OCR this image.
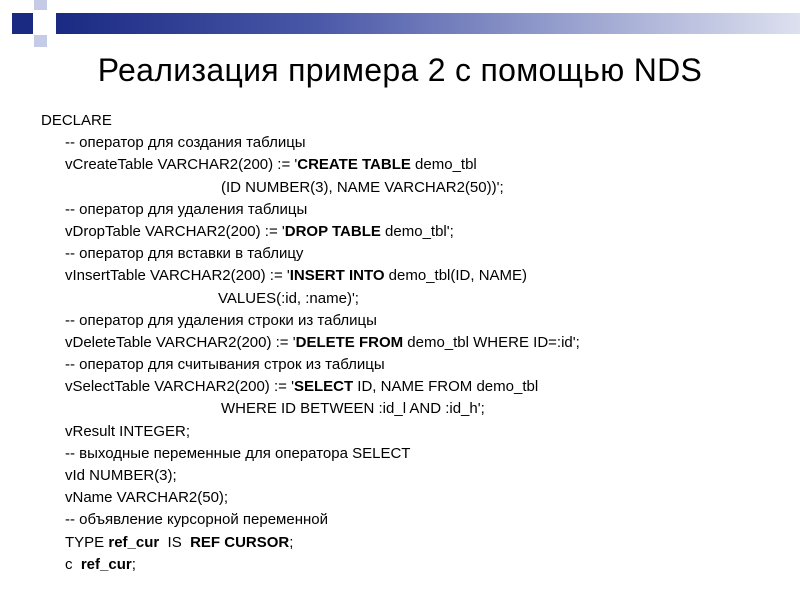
Реализация примера 2 с помощью NDS
DECLARE
-- оператор для создания таблицы
vCreateTable VARCHAR2(200) := 'CREATE TABLE demo_tbl
(ID NUMBER(3), NAME VARCHAR2(50))';
-- оператор для удаления таблицы
vDropTable VARCHAR2(200) := 'DROP TABLE demo_tbl';
-- оператор для вставки в таблицу
vInsertTable VARCHAR2(200) := 'INSERT INTO demo_tbl(ID, NAME)
VALUES(:id, :name)';
-- оператор для удаления строки из таблицы
vDeleteTable VARCHAR2(200) := 'DELETE FROM demo_tbl WHERE ID=:id';
-- оператор для считывания строк из таблицы
vSelectTable VARCHAR2(200) := 'SELECT ID, NAME FROM demo_tbl
WHERE ID BETWEEN :id_l AND :id_h';
vResult INTEGER;
-- выходные переменные для оператора SELECT
vId NUMBER(3);
vName VARCHAR2(50);
-- объявление курсорной переменной
TYPE ref_cur  IS  REF CURSOR;
c  ref_cur;
